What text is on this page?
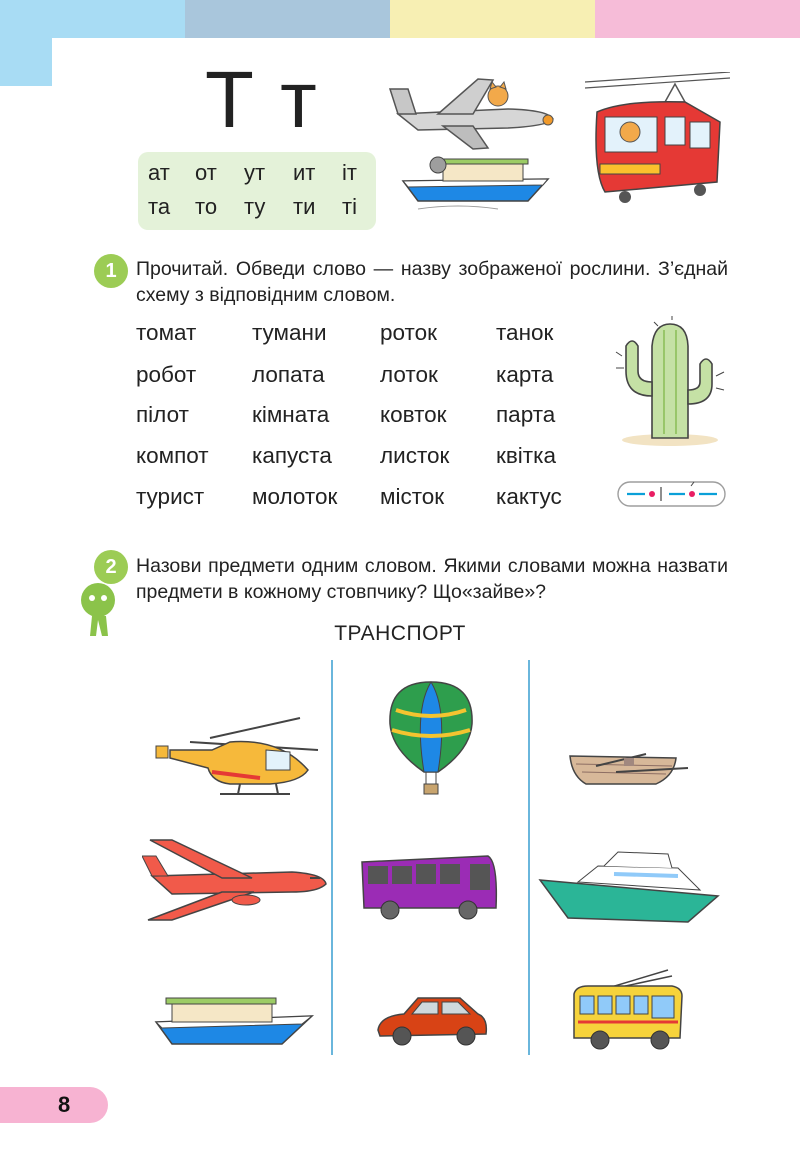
Т т
ат	от	ут	ит	іт
та	то	ту	ти	ті
1 Прочитай. Обведи слово — назву зображеної рослини. З’єднай схему з відповідним словом.
томат тумани роток	танок
робот лопата лоток	карта
пілот	кімната ковток парта
компот капуста листок квітка
турист молоток місток кактус
2 Назови предмети одним словом. Якими словами можна назвати предмети в кожному стовпчику? Що«зайве»?
ТРАНСПОРТ
8
